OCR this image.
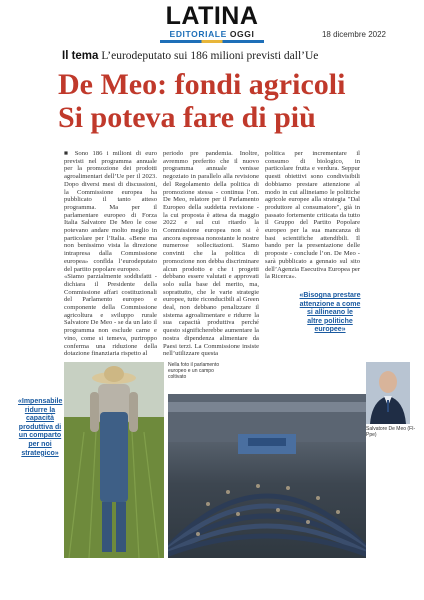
LATINA
EDITORIALE OGGI	18 dicembre 2022
Il tema L’eurodeputato sui 186 milioni previsti dall’Ue
De Meo: fondi agricoli
Si poteva fare di più

■ Sono 186 i milioni di euro previsti nel programma annuale per la promozione dei prodotti agroalimentari dell’Ue per il 2023. Dopo diversi mesi di discussioni, la Commissione europea ha pubblicato il tanto atteso programma. Ma per il parlamentare europeo di Forza Italia Salvatore De Meo le cose potevano andare molto meglio in particolare per l’Italia. «Bene ma non benissimo vista la direzione intrapresa dalla Commissione europea» conflda l’eurodeputato del partito popolare europeo.

«Siamo parzialmente soddisfatti - dichiara il Presidente della Commissione affari costituzionali del Parlamento europeo e componente della Commissione agricoltura e sviluppo rurale Salvatore De Meo - se da un lato il programma non esclude carne e vino, come si temeva, purtroppo conferma una riduzione della dotazione finanziaria rispetto al

periodo pre pandemia. Inoltre, avremmo preferito che il nuovo programma annuale venisse negoziato in parallelo alla revisione del Regolamento della politica di promozione stessa - continua l’on. De Meo, relatore per il Parlamento Europeo della suddetta revisione - la cui proposta è attesa da maggio 2022 e sul cui ritardo la Commissione europea non si è ancora espressa nonostante le nostre numerose sollecitazioni. Siamo convinti che la politica di promozione non debba discriminare alcun prodotto e che i progetti debbano essere valutati e approvati solo sulla base del merito, ma, soprattutto, che le varie strategie europee, tutte riconducibili al Green deal, non debbano penalizzare il sistema agroalimentare e ridurre la sua capacità produttiva perché questo significherebbe aumentare la nostra dipendenza alimentare da Paesi terzi. La Commissione insiste nell’utilizzare questa

politica per incrementare il consumo di biologico, in particolare frutta e verdura. Seppur questi obiettivi sono condivisibili dobbiamo prestare attenzione al modo in cui allineiamo le politiche agricole europee alla strategia "Dal produttore al consumatore", già in passato fortemente criticata da tutto il Gruppo del Partito Popolare europeo per la sua mancanza di basi scientifiche attendibili. Il bando per la presentazione delle proposte - conclude l’on. De Meo - sarà pubblicato a gennaio sul sito dell’Agenzia Esecutiva Europea per la Ricerca».

«Bisogna prestare attenzione a come si allineano le altre politiche europee»
«Impensabile ridurre la capacità produttiva di un comparto per noi strategico»
Nella foto il parlamento europeo e un campo coltivato
Salvatore De Meo (FI-Ppe)
